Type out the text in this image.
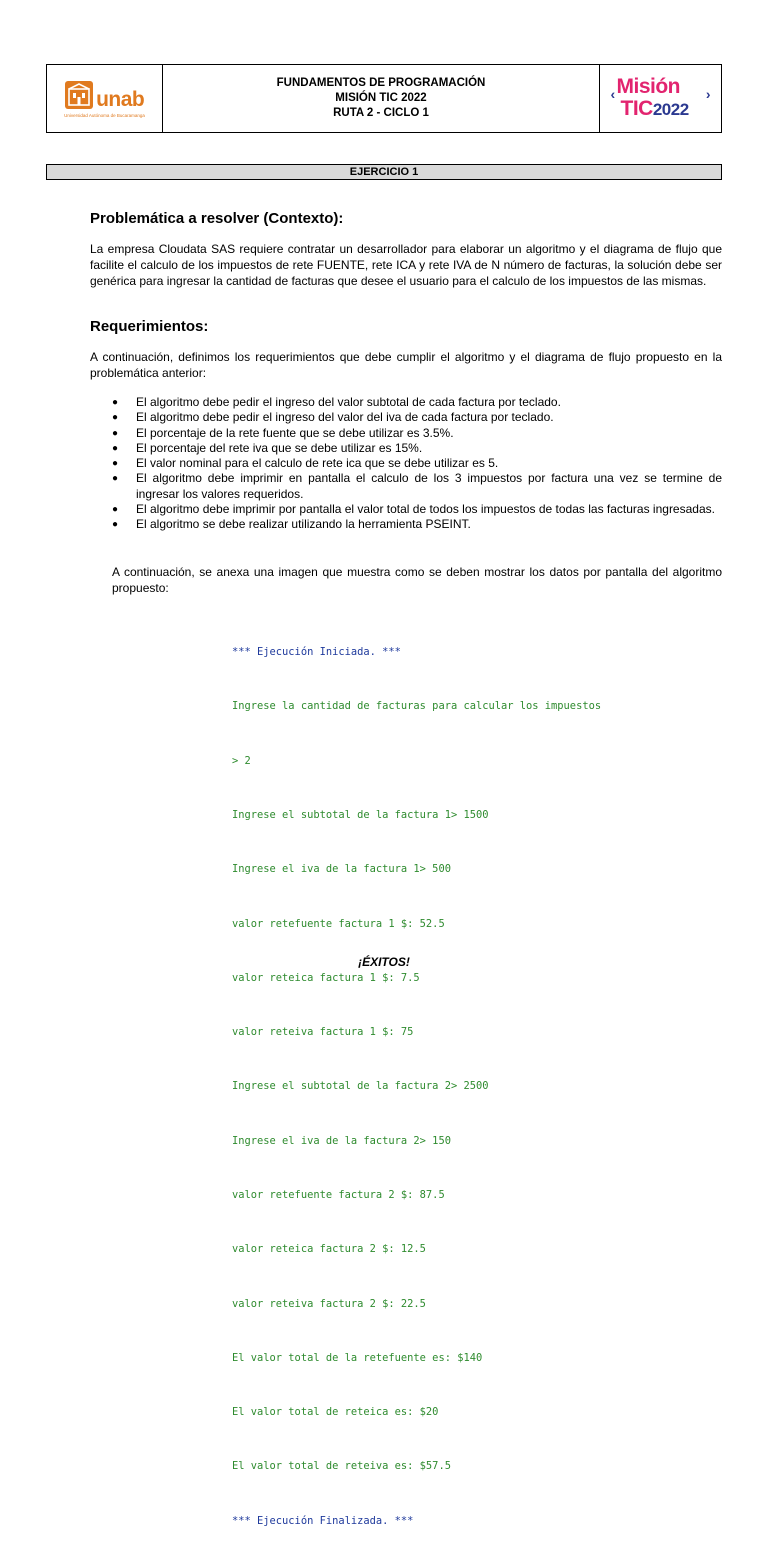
unab
Universidad Autónoma de Bucaramanga
FUNDAMENTOS DE PROGRAMACIÓN
MISIÓN TIC 2022
RUTA 2 - CICLO 1
‹ Misión
TIC2022
›
EJERCICIO 1
Problemática a resolver (Contexto):
La empresa Cloudata SAS requiere contratar un desarrollador para elaborar un algoritmo y el diagrama de flujo que facilite el calculo de los impuestos de rete FUENTE, rete ICA y rete IVA de N número de facturas, la solución debe ser genérica para ingresar la cantidad de facturas que desee el usuario para el calculo de los impuestos de las mismas.
Requerimientos:
A continuación, definimos los requerimientos que debe cumplir el algoritmo y el diagrama de flujo propuesto en la problemática anterior:
● El algoritmo debe pedir el ingreso del valor subtotal de cada factura por teclado.
● El algoritmo debe pedir el ingreso del valor del iva de cada factura por teclado.
● El porcentaje de la rete fuente que se debe utilizar es 3.5%.
● El porcentaje del rete iva que se debe utilizar es 15%.
● El valor nominal para el calculo de rete ica que se debe utilizar es 5.
● El algoritmo debe imprimir en pantalla el calculo de los 3 impuestos por factura una vez se termine de ingresar los valores requeridos.
● El algoritmo debe imprimir por pantalla el valor total de todos los impuestos de todas las facturas ingresadas.
● El algoritmo se debe realizar utilizando la herramienta PSEINT.
A continuación, se anexa una imagen que muestra como se deben mostrar los datos por pantalla del algoritmo propuesto:

*** Ejecución Iniciada. ***

Ingrese la cantidad de facturas para calcular los impuestos

> 2

Ingrese el subtotal de la factura 1> 1500

Ingrese el iva de la factura 1> 500

valor retefuente factura 1 $: 52.5

valor reteica factura 1 $: 7.5

valor reteiva factura 1 $: 75

Ingrese el subtotal de la factura 2> 2500

Ingrese el iva de la factura 2> 150

valor retefuente factura 2 $: 87.5

valor reteica factura 2 $: 12.5

valor reteiva factura 2 $: 22.5

El valor total de la retefuente es: $140

El valor total de reteica es: $20

El valor total de reteiva es: $57.5

*** Ejecución Finalizada. ***

¡ÉXITOS!
